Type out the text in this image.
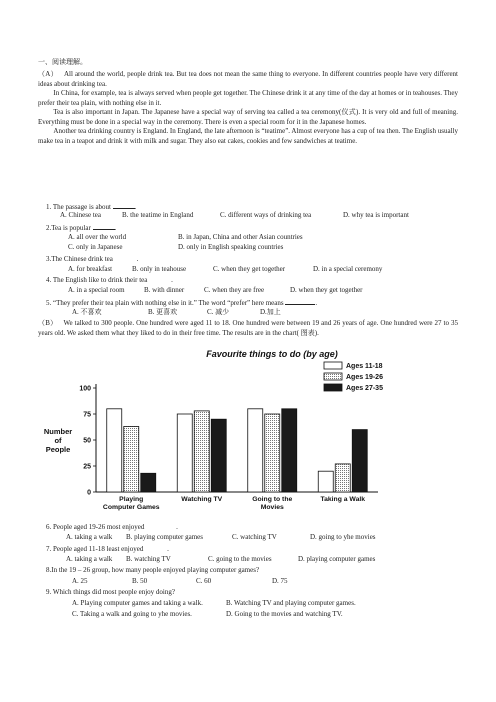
一、阅读理解。
（A） All around the world, people drink tea. But tea does not mean the same thing to everyone. In different countries people have very different ideas about drinking tea.
In China, for example, tea is always served when people get together. The Chinese drink it at any time of the day at homes or in teahouses. They prefer their tea plain, with nothing else in it.
Tea is also important in Japan. The Japanese have a special way of serving tea called a tea ceremony(仪式). It is very old and full of meaning. Everything must be done in a special way in the ceremony. There is even a special room for it in the Japanese homes.
Another tea drinking country is England. In England, the late afternoon is “teatime”. Almost everyone has a cup of tea then. The English usually make tea in a teapot and drink it with milk and sugar. They also eat cakes, cookies and few sandwiches at teatime.
1. The passage is about	.
A. Chinese tea	B. the teatime in England	C. different ways of drinking tea	D. why tea is important
2.Tea is popular	.
A. all over the world	B. in Japan, China and other Asian countries
C. only in Japanese	D. only in English speaking countries
3.The Chinese drink tea	.
A. for breakfast	B. only in teahouse	C. when they get together	D. in a special ceremony
4. The English like to drink their tea	.
A. in a special room	B. with dinner	C. when they are free	D. when they get together
5. “They prefer their tea plain with nothing else in it.” The word “prefer” here means	.
A. 不喜欢	B. 更喜欢	C. 减少	D.加上
（B） We talked to 300 people. One hundred were aged 11 to 18. One hundred were between 19 and 26 years of age. One hundred were 27 to 35 years old. We asked them what they liked to do in their free time. The results are in the chart( 图表).
Favourite things to do (by age)
Number
of
People
0
25
50
75
100
Playing
Computer Games
Watching TV	Going to the
Movies
Taking a Walk
Ages 11-18
Ages 19-26
Ages 27-35
6. People aged 19-26 most enjoyed	.
A. taking a walk B. playing computer games	C. watching TV	D. going to yhe movies
7. People aged 11-18 least enjoyed	.
A. taking a walk B. watching TV	C. going to the movies	D. playing computer games
8.In the 19 – 26 group, how many people enjoyed playing computer games?
A. 25	B. 50	C. 60	D. 75
9. Which things did most people enjoy doing?
A. Playing computer games and taking a walk.	B. Watching TV and playing computer games.
C. Taking a walk and going to yhe movies.	D. Going to the movies and watching TV.
